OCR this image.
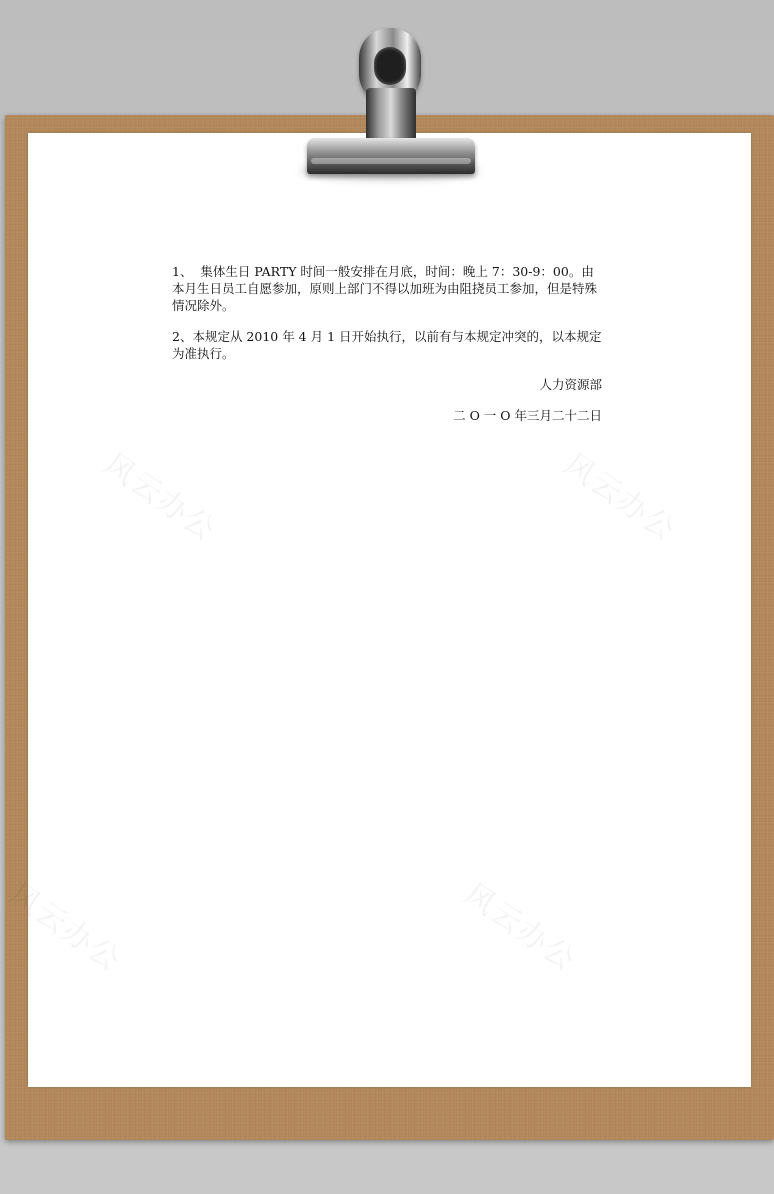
风云办公	风云办公
风云办公	风云办公

1、  集体生日 PARTY 时间一般安排在月底，时间：晚上 7：30-9：00。由本月生日员工自愿参加，原则上部门不得以加班为由阻挠员工参加，但是特殊情况除外。

2、本规定从 2010 年 4 月 1 日开始执行，以前有与本规定冲突的，以本规定为准执行。

人力资源部

二 O 一 O 年三月二十二日
